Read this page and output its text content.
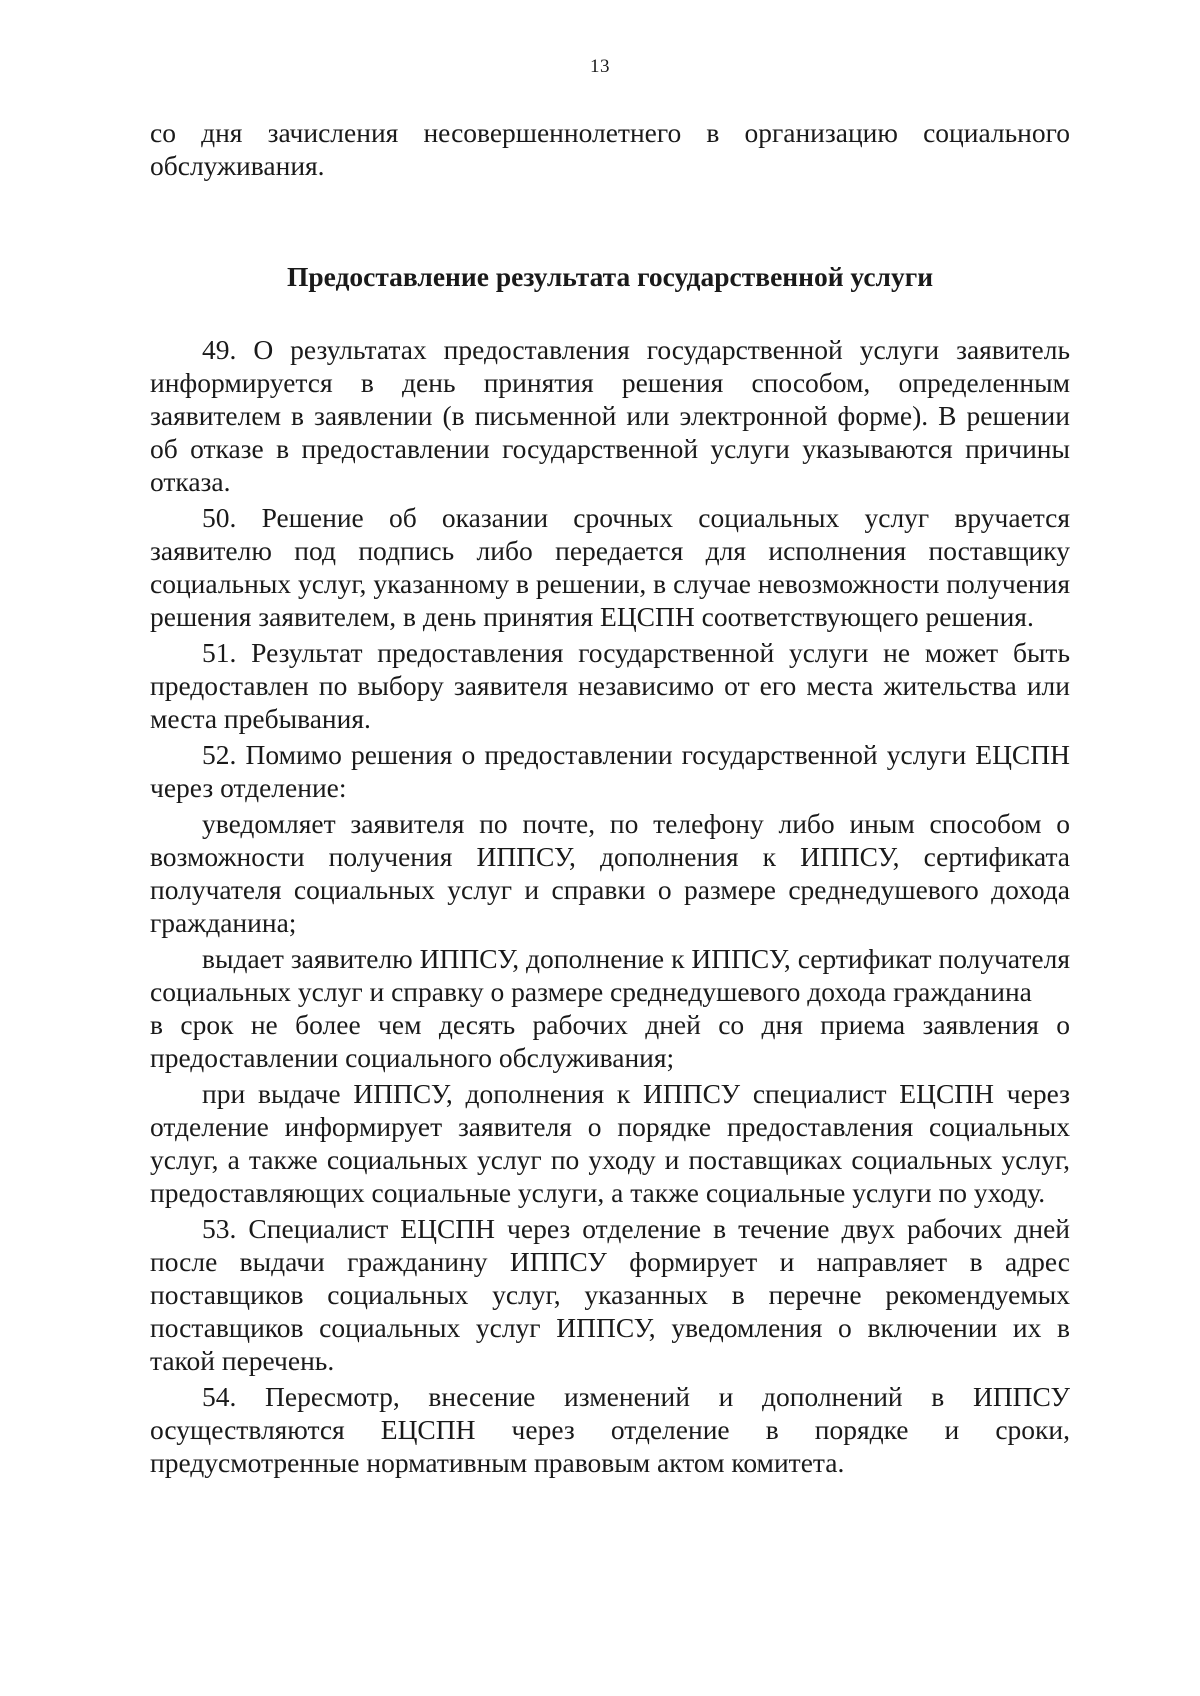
13

со дня зачисления несовершеннолетнего в организацию социального обслуживания.

Предоставление результата государственной услуги

49. О результатах предоставления государственной услуги заявитель информируется в день принятия решения способом, определенным заявителем в заявлении (в письменной или электронной форме). В решении об отказе в предоставлении государственной услуги указываются причины отказа.

50. Решение об оказании срочных социальных услуг вручается заявителю под подпись либо передается для исполнения поставщику социальных услуг, указанному в решении, в случае невозможности получения решения заявителем, в день принятия ЕЦСПН соответствующего решения.

51. Результат предоставления государственной услуги не может быть предоставлен по выбору заявителя независимо от его места жительства или места пребывания.

52. Помимо решения о предоставлении государственной услуги ЕЦСПН через отделение:

уведомляет заявителя по почте, по телефону либо иным способом о возможности получения ИППСУ, дополнения к ИППСУ, сертификата получателя социальных услуг и справки о размере среднедушевого дохода гражданина;

выдает заявителю ИППСУ, дополнение к ИППСУ, сертификат получателя социальных услуг и справку о размере среднедушевого дохода гражданина

в срок не более чем десять рабочих дней со дня приема заявления о предоставлении социального обслуживания;

при выдаче ИППСУ, дополнения к ИППСУ специалист ЕЦСПН через отделение информирует заявителя о порядке предоставления социальных услуг, а также социальных услуг по уходу и поставщиках социальных услуг, предоставляющих социальные услуги, а также социальные услуги по уходу.

53. Специалист ЕЦСПН через отделение в течение двух рабочих дней после выдачи гражданину ИППСУ формирует и направляет в адрес поставщиков социальных услуг, указанных в перечне рекомендуемых поставщиков социальных услуг ИППСУ, уведомления о включении их в такой перечень.

54. Пересмотр, внесение изменений и дополнений в ИППСУ осуществляются ЕЦСПН через отделение в порядке и сроки, предусмотренные нормативным правовым актом комитета.
